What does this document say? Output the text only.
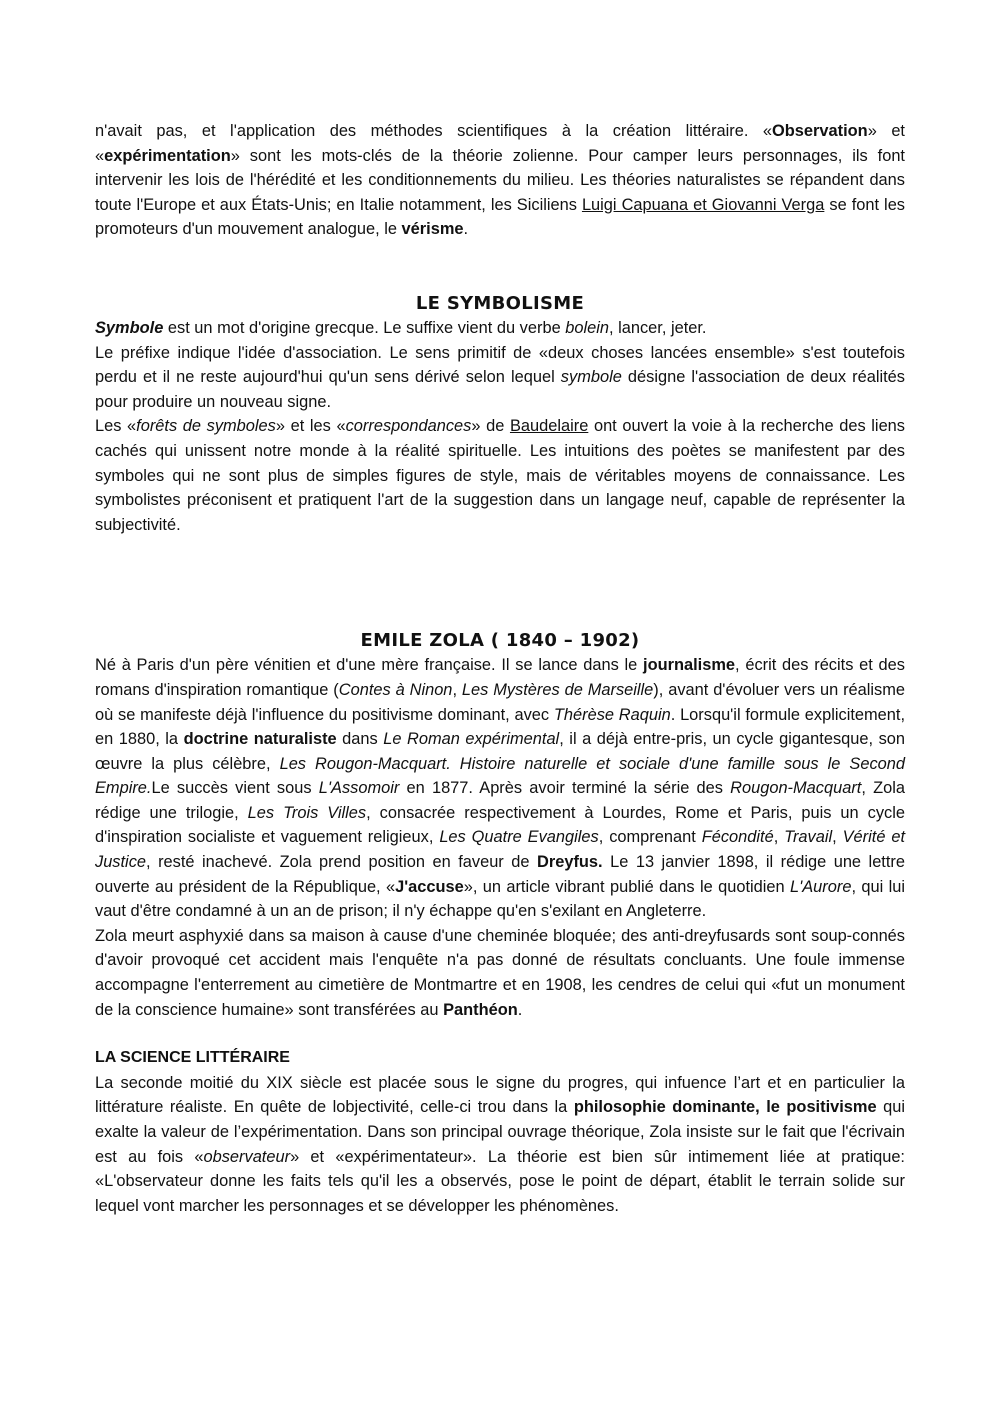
n'avait pas, et l'application des méthodes scientifiques à la création littéraire. «Observation» et «expérimentation» sont les mots-clés de la théorie zolienne. Pour camper leurs personnages, ils font intervenir les lois de l'hérédité et les conditionnements du milieu. Les théories naturalistes se répandent dans toute l'Europe et aux États-Unis; en Italie notamment, les Siciliens Luigi Capuana et Giovanni Verga se font les promoteurs d'un mouvement analogue, le vérisme.

LE SYMBOLISME

Symbole est un mot d'origine grecque. Le suffixe vient du verbe bolein, lancer, jeter.

Le préfixe indique l'idée d'association. Le sens primitif de «deux choses lancées ensemble» s'est toutefois perdu et il ne reste aujourd'hui qu'un sens dérivé selon lequel symbole désigne l'association de deux réalités pour produire un nouveau signe.

Les «forêts de symboles» et les «correspondances» de Baudelaire ont ouvert la voie à la recherche des liens cachés qui unissent notre monde à la réalité spirituelle. Les intuitions des poètes se manifestent par des symboles qui ne sont plus de simples figures de style, mais de véritables moyens de connaissance. Les symbolistes préconisent et pratiquent l'art de la suggestion dans un langage neuf, capable de représenter la subjectivité.

EMILE ZOLA ( 1840 – 1902)

Né à Paris d'un père vénitien et d'une mère française. Il se lance dans le journalisme, écrit des récits et des romans d'inspiration romantique (Contes à Ninon, Les Mystères de Marseille), avant d'évoluer vers un réalisme où se manifeste déjà l'influence du positivisme dominant, avec Thérèse Raquin. Lorsqu'il formule explicitement, en 1880, la doctrine naturaliste dans Le Roman expérimental, il a déjà entre-pris, un cycle gigantesque, son œuvre la plus célèbre, Les Rougon-Macquart. Histoire naturelle et sociale d'une famille sous le Second Empire.Le succès vient sous L'Assomoir en 1877. Après avoir terminé la série des Rougon-Macquart, Zola rédige une trilogie, Les Trois Villes, consacrée respectivement à Lourdes, Rome et Paris, puis un cycle d'inspiration socialiste et vaguement religieux, Les Quatre Evangiles, comprenant Fécondité, Travail, Vérité et Justice, resté inachevé. Zola prend position en faveur de Dreyfus. Le 13 janvier 1898, il rédige une lettre ouverte au président de la République, «J'accuse», un article vibrant publié dans le quotidien L'Aurore, qui lui vaut d'être condamné à un an de prison; il n'y échappe qu'en s'exilant en Angleterre.

Zola meurt asphyxié dans sa maison à cause d'une cheminée bloquée; des anti-dreyfusards sont soup-connés d'avoir provoqué cet accident mais l'enquête n'a pas donné de résultats concluants. Une foule immense accompagne l'enterrement au cimetière de Montmartre et en 1908, les cendres de celui qui «fut un monument de la conscience humaine» sont transférées au Panthéon.

LA SCIENCE LITTÉRAIRE

La seconde moitié du XIX siècle est placée sous le signe du progres, qui infuence l’art et en particulier la littérature réaliste. En quête de lobjectivité, celle-ci trou dans la philosophie dominante, le positivisme qui exalte la valeur de l’expérimentation. Dans son principal ouvrage théorique, Zola insiste sur le fait que l'écrivain est au fois «observateur» et «expérimentateur». La théorie est bien sûr intimement liée at pratique: «L'observateur donne les faits tels qu'il les a observés, pose le point de départ, établit le terrain solide sur lequel vont marcher les personnages et se développer les phénomènes.
